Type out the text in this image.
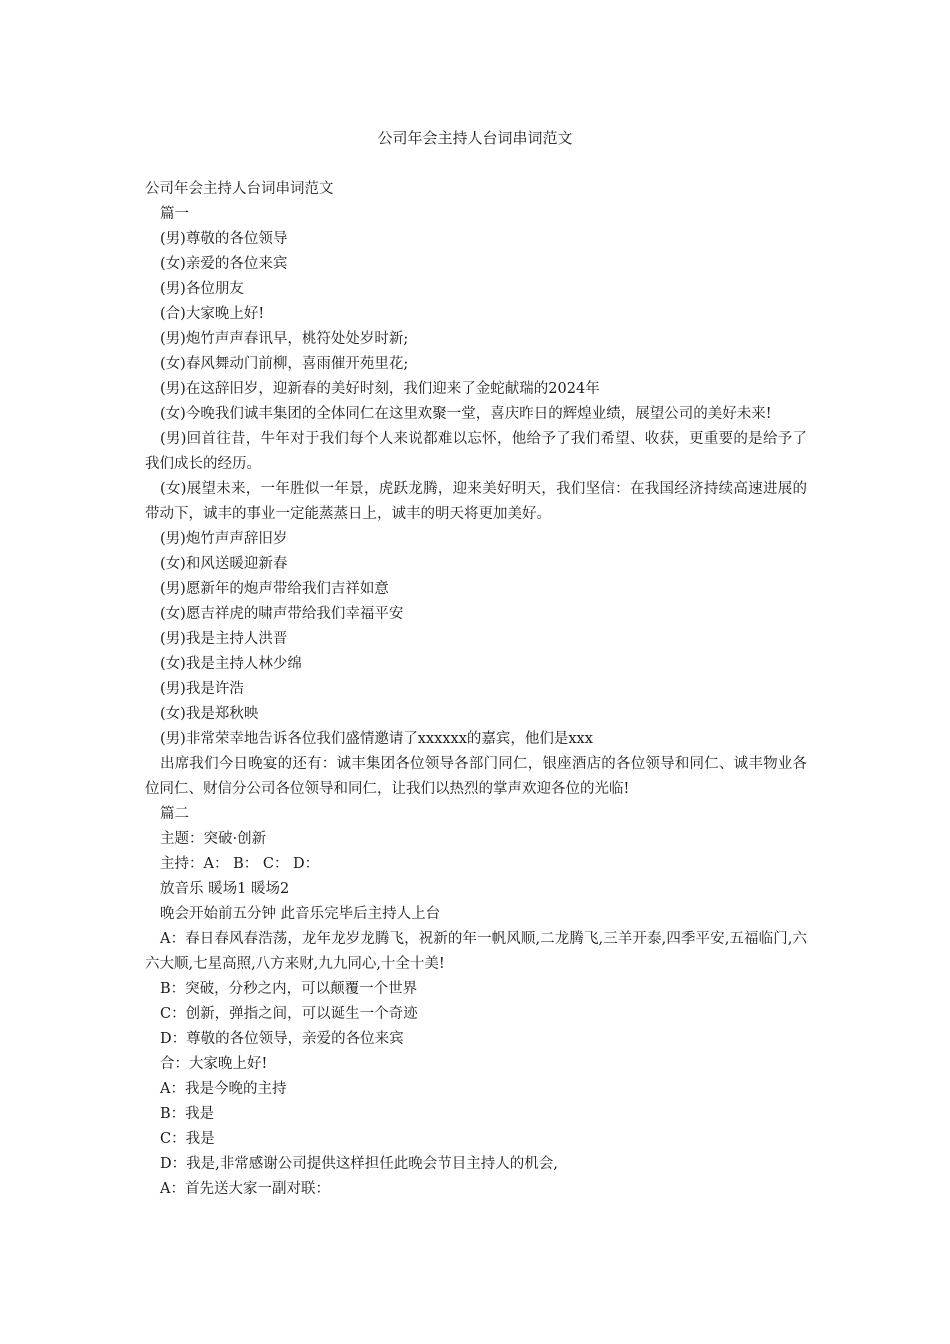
公司年会主持人台词串词范文

公司年会主持人台词串词范文

篇一

(男)尊敬的各位领导

(女)亲爱的各位来宾

(男)各位朋友

(合)大家晚上好!

(男)炮竹声声春讯早，桃符处处岁时新;

(女)春风舞动门前柳，喜雨催开苑里花;

(男)在这辞旧岁，迎新春的美好时刻，我们迎来了金蛇献瑞的2024年

(女)今晚我们诚丰集团的全体同仁在这里欢聚一堂，喜庆昨日的辉煌业绩，展望公司的美好未来!

(男)回首往昔，牛年对于我们每个人来说都难以忘怀，他给予了我们希望、收获，更重要的是给予了我们成长的经历。

(女)展望未来，一年胜似一年景，虎跃龙腾，迎来美好明天，我们坚信：在我国经济持续高速进展的带动下，诚丰的事业一定能蒸蒸日上，诚丰的明天将更加美好。

(男)炮竹声声辞旧岁

(女)和风送暖迎新春

(男)愿新年的炮声带给我们吉祥如意

(女)愿吉祥虎的啸声带给我们幸福平安

(男)我是主持人洪晋

(女)我是主持人林少绵

(男)我是许浩

(女)我是郑秋映

(男)非常荣幸地告诉各位我们盛情邀请了xxxxxx的嘉宾，他们是xxx

出席我们今日晚宴的还有：诚丰集团各位领导各部门同仁，银座酒店的各位领导和同仁、诚丰物业各位同仁、财信分公司各位领导和同仁，让我们以热烈的掌声欢迎各位的光临!

篇二

主题：突破·创新

主持：A： B： C： D：

放音乐 暖场1 暖场2

晚会开始前五分钟 此音乐完毕后主持人上台

A：春日春风春浩荡，龙年龙岁龙腾飞，祝新的年一帆风顺,二龙腾飞,三羊开泰,四季平安,五福临门,六六大顺,七星高照,八方来财,九九同心,十全十美!

B：突破，分秒之内，可以颠覆一个世界

C：创新，弹指之间，可以诞生一个奇迹

D：尊敬的各位领导，亲爱的各位来宾

合：大家晚上好!

A：我是今晚的主持

B：我是

C：我是

D：我是,非常感谢公司提供这样担任此晚会节目主持人的机会,

A：首先送大家一副对联：
